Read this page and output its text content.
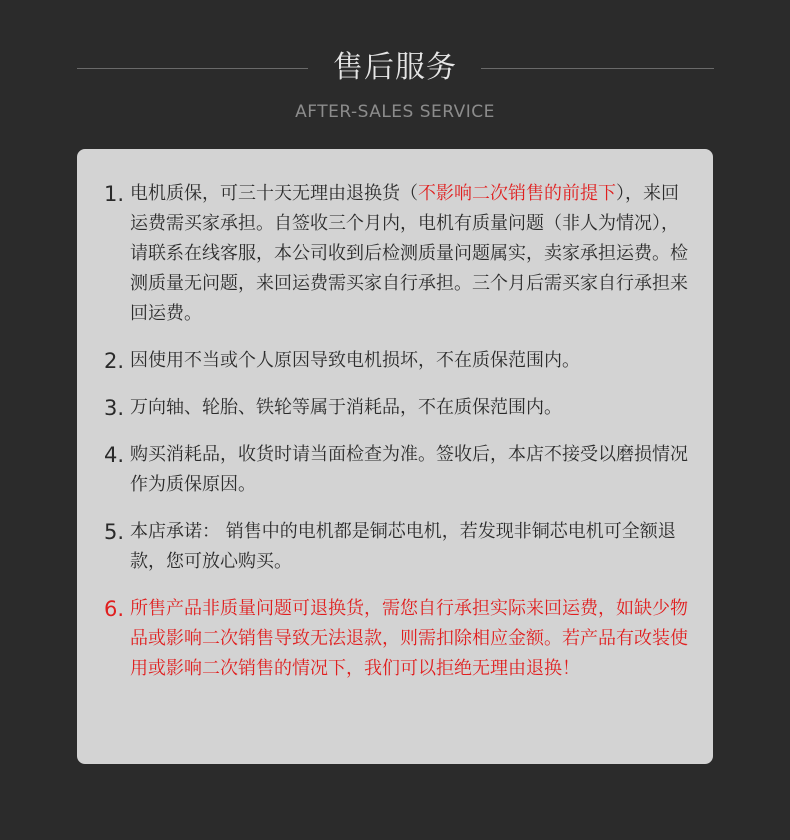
售后服务
AFTER-SALES SERVICE
1. 电机质保，可三十天无理由退换货（不影响二次销售的前提下），来回运费需买家承担。自签收三个月内，电机有质量问题（非人为情况），请联系在线客服，本公司收到后检测质量问题属实，卖家承担运费。检测质量无问题，来回运费需买家自行承担。三个月后需买家自行承担来回运费。
2. 因使用不当或个人原因导致电机损坏，不在质保范围内。
3. 万向轴、轮胎、铁轮等属于消耗品，不在质保范围内。
4. 购买消耗品，收货时请当面检查为准。签收后，本店不接受以磨损情况作为质保原因。
5. 本店承诺： 销售中的电机都是铜芯电机，若发现非铜芯电机可全额退款，您可放心购买。
6. 所售产品非质量问题可退换货，需您自行承担实际来回运费，如缺少物品或影响二次销售导致无法退款，则需扣除相应金额。若产品有改装使用或影响二次销售的情况下，我们可以拒绝无理由退换！
